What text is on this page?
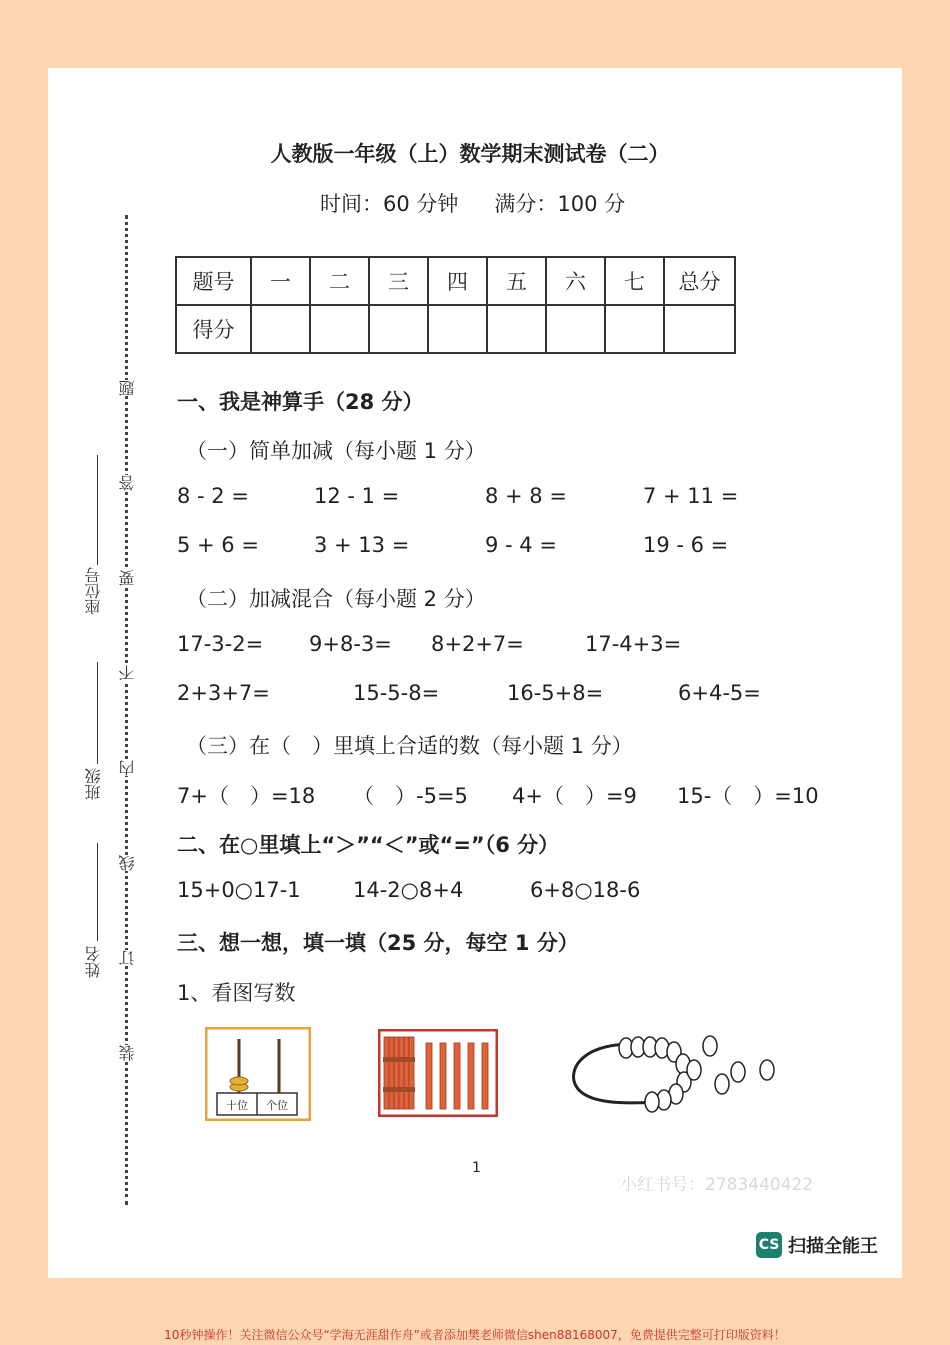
题
答
要
不
内
线
订
装
座位号
班级
姓名
人教版一年级（上）数学期末测试卷（二）
时间：60 分钟 满分：100 分
题号	一	二	三	四	五	六	七	总分
得分								
一、我是神算手（28 分）
（一）简单加减（每小题 1 分）
8 - 2 =	12 - 1 =	8 + 8 =	7 + 11 =
5 + 6 =	3 + 13 =	9 - 4 =	19 - 6 =
（二）加减混合（每小题 2 分）
17-3-2= 9+8-3= 8+2+7=	17-4+3=
2+3+7=	15-5-8=	16-5+8=	6+4-5=
（三）在（　）里填上合适的数（每小题 1 分）
7+（　）=18 （　）-5=5 4+（　）=9 15-（　）=10
二、在○里填上“＞”“＜”或“=”（6 分）
15+0○17-1 14-2○8+4	6+8○18-6
三、想一想，填一填（25 分，每空 1 分）
1、看图写数
十位 个位
1
小红书号：2783440422
CS 扫描全能王
10秒钟操作！关注微信公众号“学海无涯甜作舟”或者添加樊老师微信shen88168007，免费提供完整可打印版资料！
